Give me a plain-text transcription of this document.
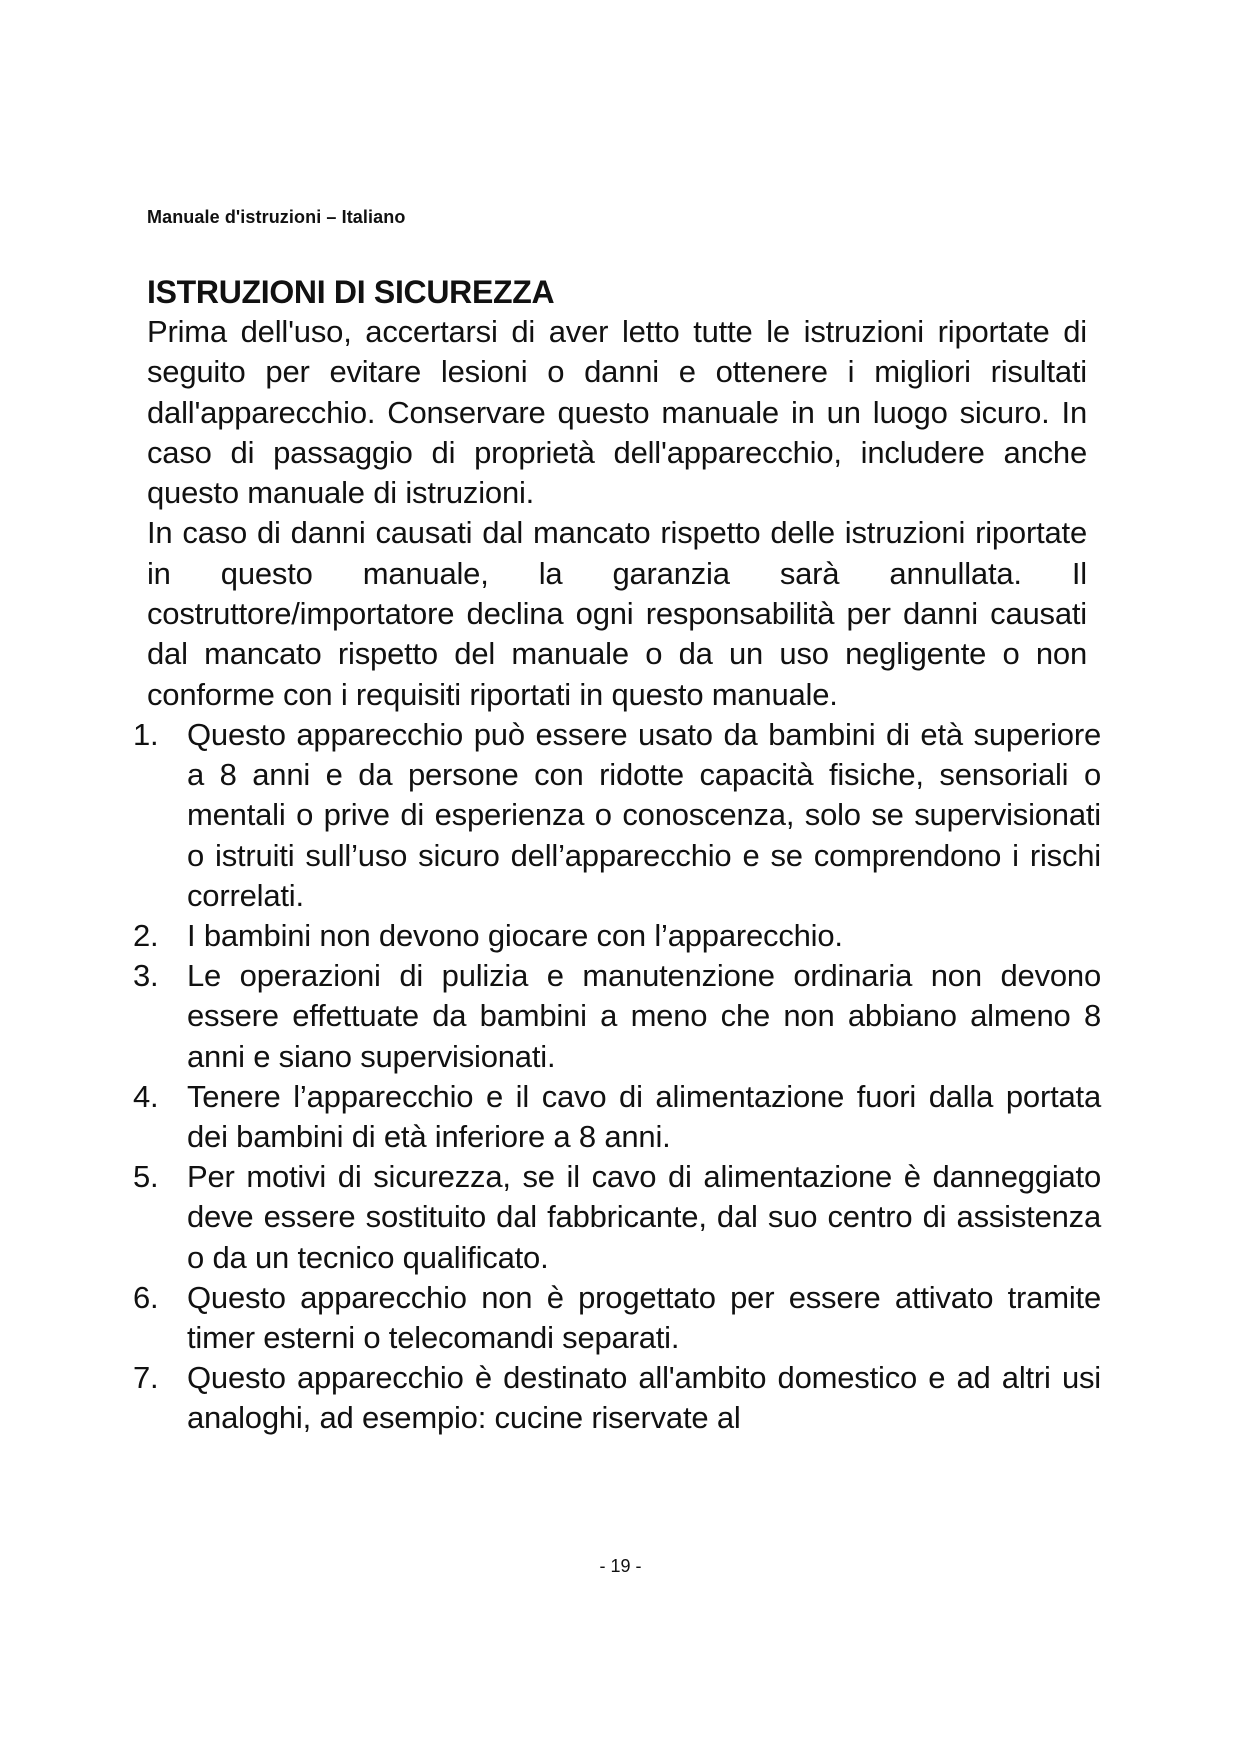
Manuale d'istruzioni – Italiano
ISTRUZIONI DI SICUREZZA

Prima dell'uso, accertarsi di aver letto tutte le istruzioni riportate di seguito per evitare lesioni o danni e ottenere i migliori risultati dall'apparecchio. Conservare questo manuale in un luogo sicuro. In caso di passaggio di proprietà dell'apparecchio, includere anche questo manuale di istruzioni.

In caso di danni causati dal mancato rispetto delle istruzioni riportate in questo manuale, la garanzia sarà annullata. Il costruttore/importatore declina ogni responsabilità per danni causati dal mancato rispetto del manuale o da un uso negligente o non conforme con i requisiti riportati in questo manuale.

1. Questo apparecchio può essere usato da bambini di età superiore a 8 anni e da persone con ridotte capacità fisiche, sensoriali o mentali o prive di esperienza o conoscenza, solo se supervisionati o istruiti sull’uso sicuro dell’apparecchio e se comprendono i rischi correlati.
2. I bambini non devono giocare con l’apparecchio.
3. Le operazioni di pulizia e manutenzione ordinaria non devono essere effettuate da bambini a meno che non abbiano almeno 8 anni e siano supervisionati.
4. Tenere l’apparecchio e il cavo di alimentazione fuori dalla portata dei bambini di età inferiore a 8 anni.
5. Per motivi di sicurezza, se il cavo di alimentazione è danneggiato deve essere sostituito dal fabbricante, dal suo centro di assistenza o da un tecnico qualificato.
6. Questo apparecchio non è progettato per essere attivato tramite timer esterni o telecomandi separati.
7. Questo apparecchio è destinato all'ambito domestico e ad altri usi analoghi, ad esempio: cucine riservate al
- 19 -
